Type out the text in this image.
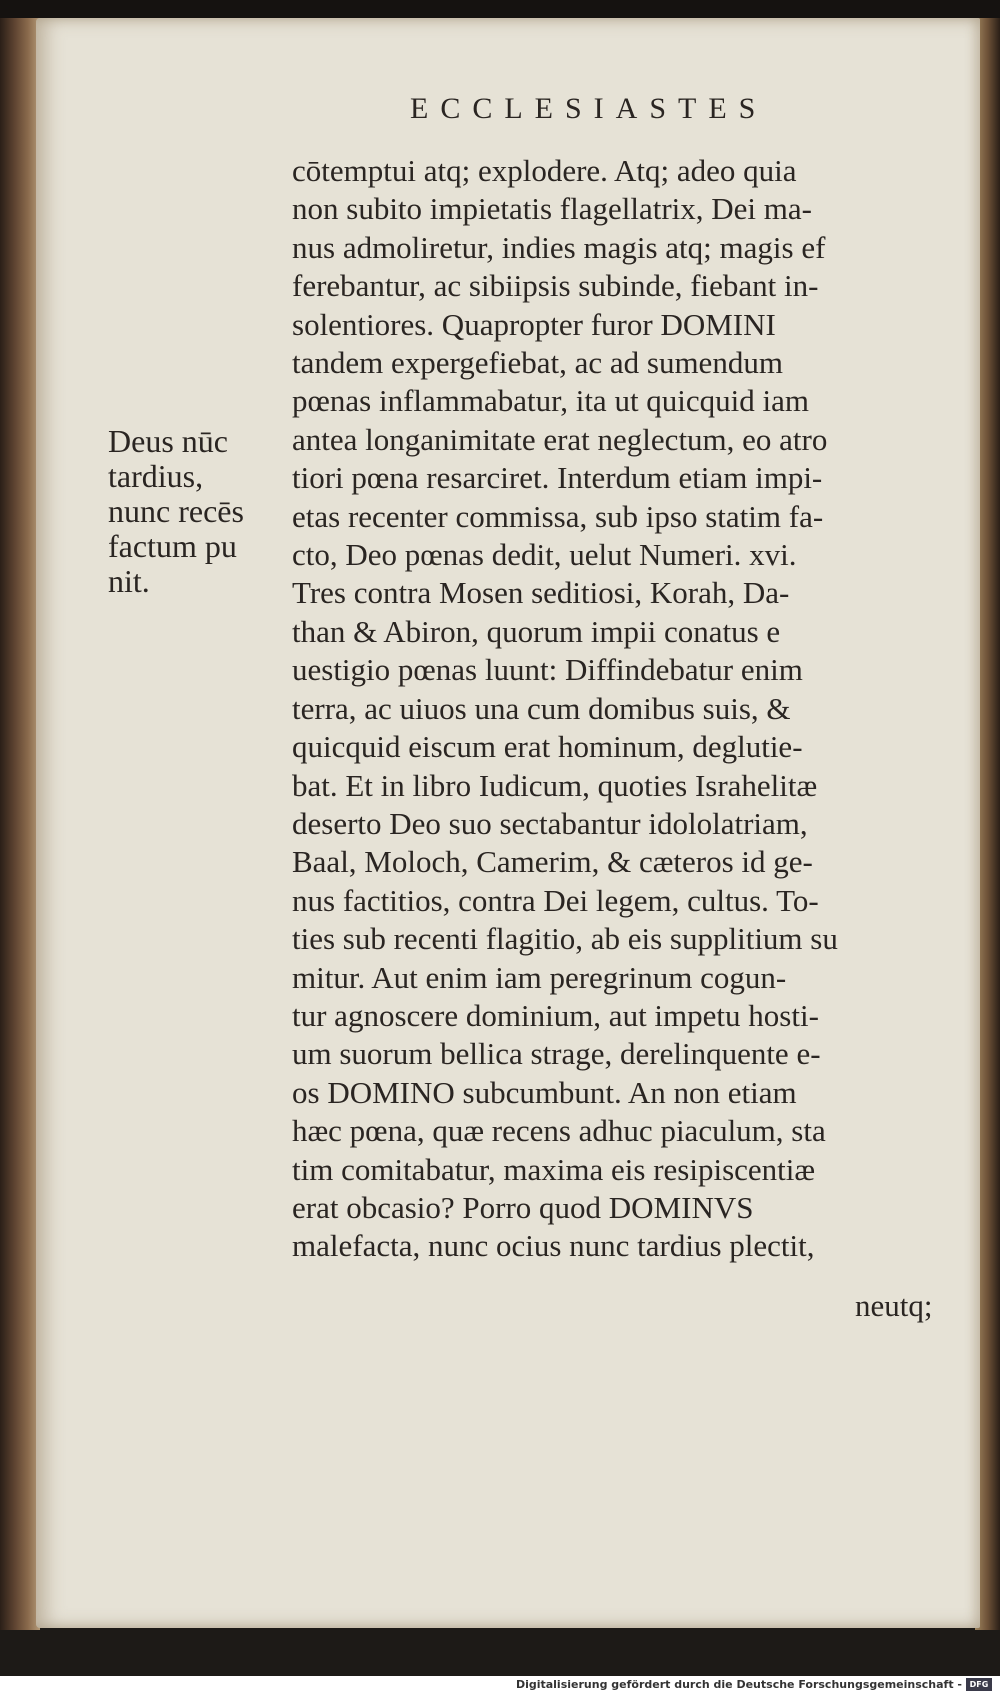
ECCLESIASTES
Deus nūc
tardius,
nunc recēs
factum pu
nit.
cōtemptui atq; explodere. Atq; adeo quia
non subito impietatis flagellatrix, Dei ma-
nus admoliretur, indies magis atq; magis ef
ferebantur, ac sibiipsis subinde, fiebant in-
solentiores. Quapropter furor DOMINI
tandem expergefiebat, ac ad sumendum
pœnas inflammabatur, ita ut quicquid iam
antea longanimitate erat neglectum, eo atro
tiori pœna resarciret. Interdum etiam impi-
etas recenter commissa, sub ipso statim fa-
cto, Deo pœnas dedit, uelut Numeri. xvi.
Tres contra Mosen seditiosi, Korah, Da-
than & Abiron, quorum impii conatus e
uestigio pœnas luunt: Diffindebatur enim
terra, ac uiuos una cum domibus suis, &
quicquid eiscum erat hominum, deglutie-
bat. Et in libro Iudicum, quoties Israhelitæ
deserto Deo suo sectabantur idololatriam,
Baal, Moloch, Camerim, & cæteros id ge-
nus factitios, contra Dei legem, cultus. To-
ties sub recenti flagitio, ab eis supplitium su
mitur. Aut enim iam peregrinum cogun-
tur agnoscere dominium, aut impetu hosti-
um suorum bellica strage, derelinquente e-
os DOMINO subcumbunt. An non etiam
hæc pœna, quæ recens adhuc piaculum, sta
tim comitabatur, maxima eis resipiscentiæ
erat obcasio? Porro quod DOMINVS
malefacta, nunc ocius nunc tardius plectit,
neutq;
Digitalisierung gefördert durch die Deutsche Forschungsgemeinschaft - DFG
